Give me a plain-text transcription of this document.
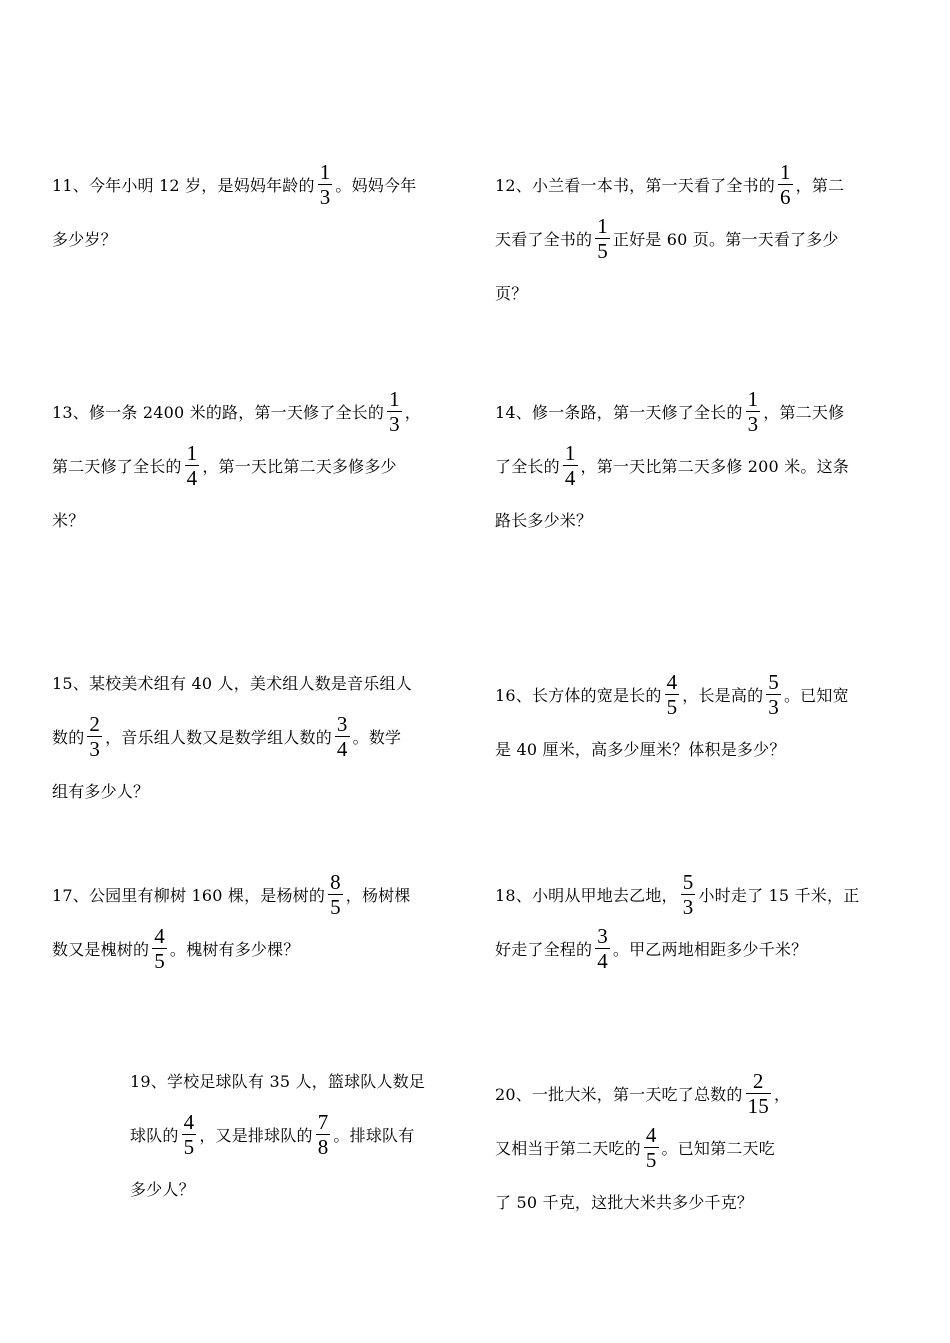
11、今年小明 12 岁，是妈妈年龄的 $\frac{1}{3}$ 。妈妈今年
多少岁？
12、小兰看一本书，第一天看了全书的 $\frac{1}{6}$ ，第二
天看了全书的 $\frac{1}{5}$ 正好是 60 页。第一天看了多少
页？
13、修一条 2400 米的路，第一天修了全长的 $\frac{1}{3}$ ，
第二天修了全长的 $\frac{1}{4}$ ，第一天比第二天多修多少
米？
14、修一条路，第一天修了全长的 $\frac{1}{3}$ ，第二天修
了全长的 $\frac{1}{4}$ ，第一天比第二天多修 200 米。这条
路长多少米？
15、某校美术组有 40 人，美术组人数是音乐组人
数的 $\frac{2}{3}$ ，音乐组人数又是数学组人数的 $\frac{3}{4}$ 。数学
组有多少人？
16、长方体的宽是长的 $\frac{4}{5}$ ，长是高的 $\frac{5}{3}$ 。已知宽
是 40 厘米，高多少厘米？体积是多少？
17、公园里有柳树 160 棵，是杨树的 $\frac{8}{5}$ ，杨树棵
数又是槐树的 $\frac{4}{5}$ 。槐树有多少棵？
18、小明从甲地去乙地， $\frac{5}{3}$ 小时走了 15 千米，正
好走了全程的 $\frac{3}{4}$ 。甲乙两地相距多少千米？
19、学校足球队有 35 人，篮球队人数足
球队的 $\frac{4}{5}$ ，又是排球队的 $\frac{7}{8}$ 。排球队有
多少人？
20、一批大米，第一天吃了总数的 $\frac{2}{15}$ ，
又相当于第二天吃的 $\frac{4}{5}$ 。已知第二天吃
了 50 千克，这批大米共多少千克？
